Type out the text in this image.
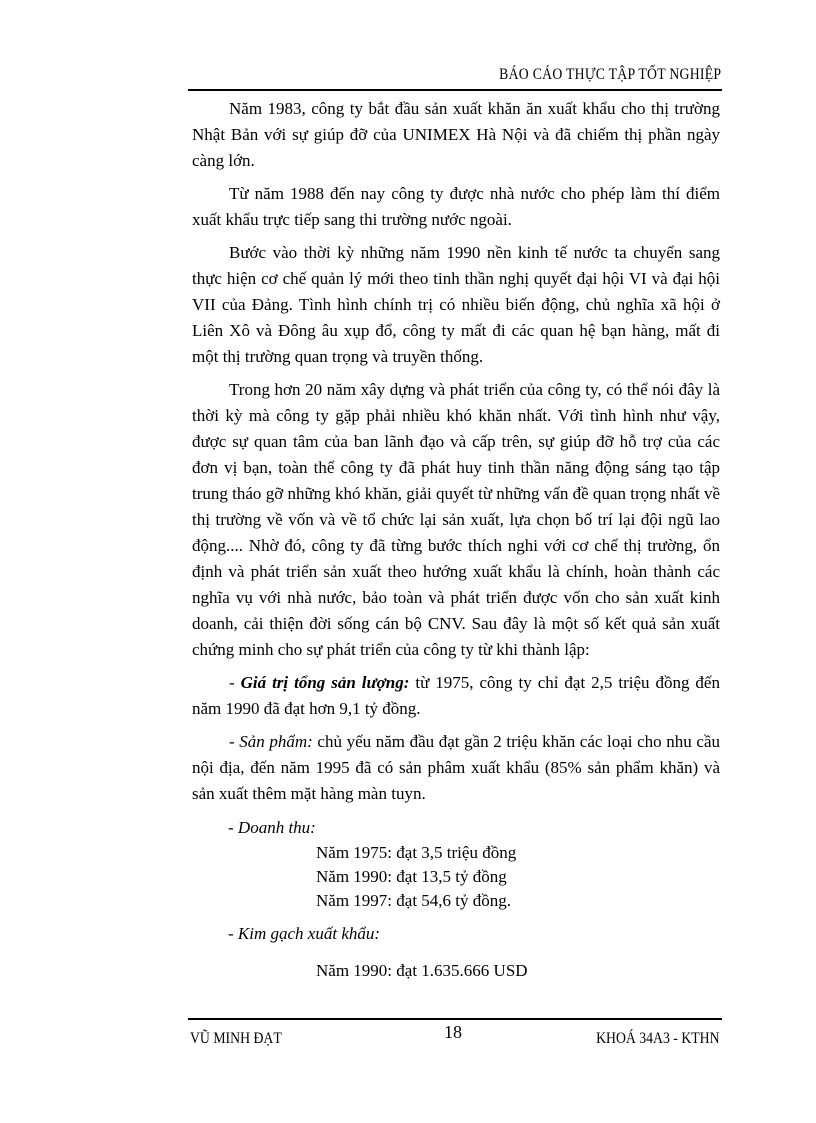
BÁO CÁO THỰC TẬP TỐT NGHIỆP

Năm 1983, công ty bắt đầu sản xuất khăn ăn xuất khẩu cho thị trường Nhật Bản với sự giúp đỡ của UNIMEX Hà Nội và đã chiếm thị phần ngày càng lớn.

Từ năm 1988 đến nay công ty được nhà nước cho phép làm thí điểm xuất khẩu trực tiếp sang thi trường nước ngoài.

Bước vào thời kỳ những năm 1990 nền kinh tế nước ta chuyển sang thực hiện cơ chế quản lý mới theo tinh thần nghị quyết đại hội VI và đại hội VII của Đảng. Tình hình chính trị có nhiều biến động, chủ nghĩa xã hội ở Liên Xô và Đông âu xụp đổ, công ty mất đi các quan hệ bạn hàng, mất đi một thị trường quan trọng và truyền thống.

Trong hơn 20 năm xây dựng và phát triển của công ty, có thể nói đây là thời kỳ mà công ty gặp phải nhiều khó khăn nhất. Với tình hình như vậy, được sự quan tâm của ban lãnh đạo và cấp trên, sự giúp đỡ hỗ trợ của các đơn vị bạn, toàn thể công ty đã phát huy tinh thần năng động sáng tạo tập trung tháo gỡ những khó khăn, giải quyết từ những vấn đề quan trọng nhất về thị trường về vốn và về tổ chức lại sản xuất, lựa chọn bố trí lại đội ngũ lao động.... Nhờ đó, công ty đã từng bước thích nghi với cơ chế thị trường, ổn định và phát triển sản xuất theo hướng xuất khẩu là chính, hoàn thành các nghĩa vụ với nhà nước, bảo toàn và phát triển được vốn cho sản xuất kinh doanh, cải thiện đời sống cán bộ CNV. Sau đây là một số kết quả sản xuất chứng minh cho sự phát triển của công ty từ khi thành lập:

- Giá trị tổng sản lượng: từ 1975, công ty chỉ đạt 2,5 triệu đồng đến năm 1990 đã đạt hơn 9,1 tỷ đồng.

- Sản phẩm: chủ yếu năm đầu đạt gần 2 triệu khăn các loại cho nhu cầu nội địa, đến năm 1995 đã có sản phâm xuất khẩu (85% sản phẩm khăn) và sản xuất thêm mặt hàng màn tuyn.

- Doanh thu:
Năm 1975: đạt 3,5 triệu đồng
Năm 1990: đạt 13,5 tỷ đồng
Năm 1997: đạt 54,6 tỷ đồng.
- Kim gạch xuất khẩu:
Năm 1990: đạt 1.635.666 USD
VŨ MINH ĐẠT	18	KHOÁ 34A3 - KTHN
